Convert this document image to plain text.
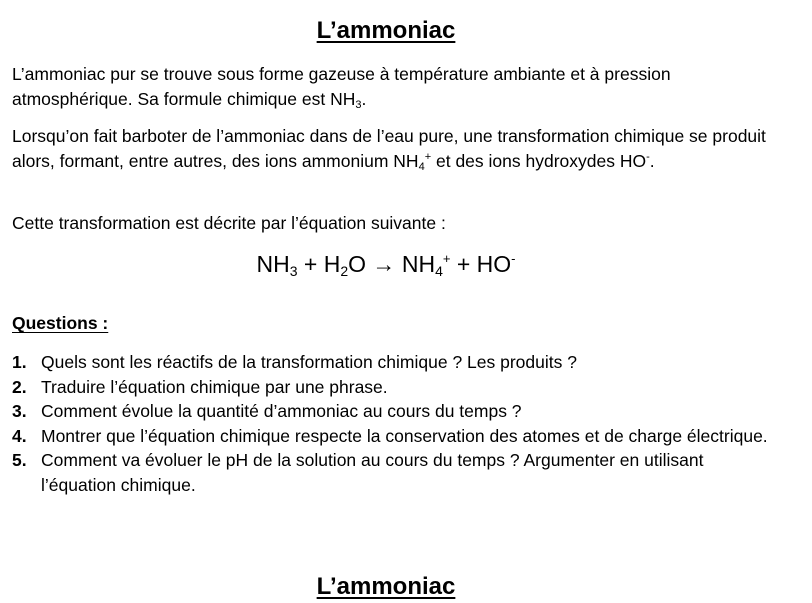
L’ammoniac

L’ammoniac pur se trouve sous forme gazeuse à température ambiante et à pression atmosphérique. Sa formule chimique est $NH_3$.

Lorsqu’on fait barboter de l’ammoniac dans de l’eau pure, une transformation chimique se produit alors, formant, entre autres, des ions ammonium $NH_4^+$ et des ions hydroxydes HO-.

Cette transformation est décrite par l’équation suivante :

$NH_3 + H_2O \to NH_4^+ + HO^-$
Questions :
1. Quels sont les réactifs de la transformation chimique ? Les produits ?
2. Traduire l’équation chimique par une phrase.
3. Comment évolue la quantité d’ammoniac au cours du temps ?
4. Montrer que l’équation chimique respecte la conservation des atomes et de charge électrique.
5. Comment va évoluer le pH de la solution au cours du temps ? Argumenter en utilisant l’équation chimique.
L’ammoniac
